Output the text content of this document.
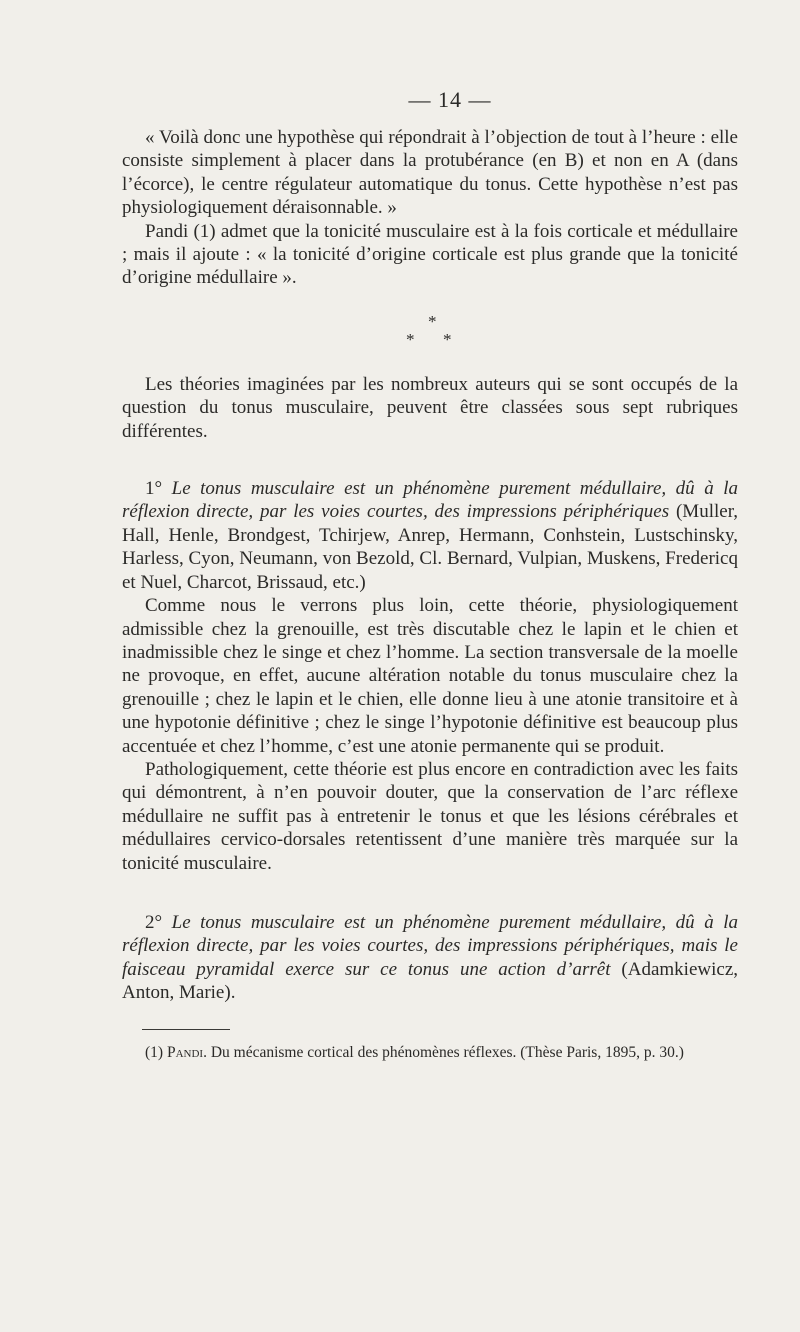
— 14 —

« Voilà donc une hypothèse qui répondrait à l’objection de tout à l’heure : elle consiste simplement à placer dans la protubérance (en B) et non en A (dans l’écorce), le centre régulateur automatique du tonus. Cette hypothèse n’est pas physiologiquement déraisonnable. »

Pandi (1) admet que la tonicité musculaire est à la fois corticale et médullaire ; mais il ajoute : « la tonicité d’origine corticale est plus grande que la tonicité d’origine médullaire ».

*
* *

Les théories imaginées par les nombreux auteurs qui se sont occupés de la question du tonus musculaire, peuvent être classées sous sept rubriques différentes.

1° Le tonus musculaire est un phénomène purement médullaire, dû à la réflexion directe, par les voies courtes, des impressions périphériques (Muller, Hall, Henle, Brondgest, Tchirjew, Anrep, Hermann, Conhstein, Lustschinsky, Harless, Cyon, Neumann, von Bezold, Cl. Bernard, Vulpian, Muskens, Fredericq et Nuel, Charcot, Brissaud, etc.)

Comme nous le verrons plus loin, cette théorie, physiologiquement admissible chez la grenouille, est très discutable chez le lapin et le chien et inadmissible chez le singe et chez l’homme. La section transversale de la moelle ne provoque, en effet, aucune altération notable du tonus musculaire chez la grenouille ; chez le lapin et le chien, elle donne lieu à une atonie transitoire et à une hypotonie définitive ; chez le singe l’hypotonie définitive est beaucoup plus accentuée et chez l’homme, c’est une atonie permanente qui se produit.

Pathologiquement, cette théorie est plus encore en contradiction avec les faits qui démontrent, à n’en pouvoir douter, que la conservation de l’arc réflexe médullaire ne suffit pas à entretenir le tonus et que les lésions cérébrales et médullaires cervico-dorsales retentissent d’une manière très marquée sur la tonicité musculaire.

2° Le tonus musculaire est un phénomène purement médullaire, dû à la réflexion directe, par les voies courtes, des impressions périphériques, mais le faisceau pyramidal exerce sur ce tonus une action d’arrêt (Adamkiewicz, Anton, Marie).

(1) Pandi. Du mécanisme cortical des phénomènes réflexes. (Thèse Paris, 1895, p. 30.)
